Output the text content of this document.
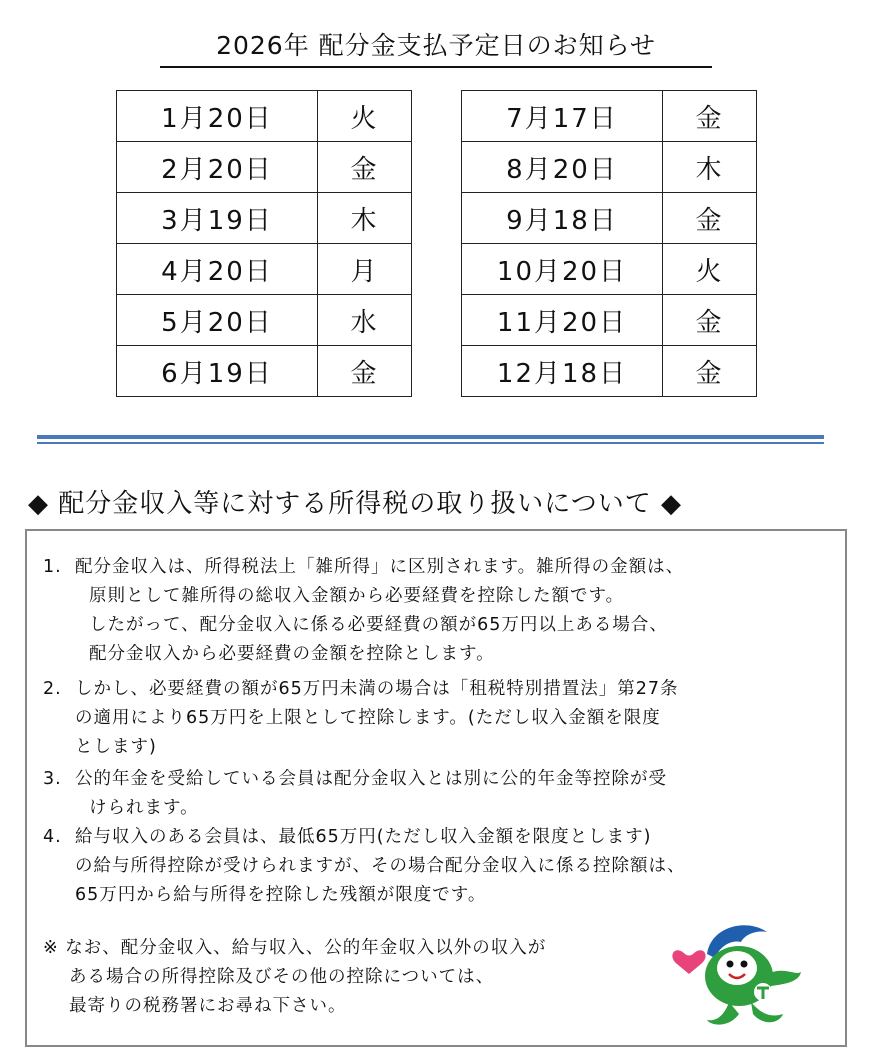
2026年 配分金支払予定日のお知らせ
1月20日	火
2月20日	金
3月19日	木
4月20日	月
5月20日	水
6月19日	金
7月17日	金
8月20日	木
9月18日	金
10月20日	火
11月20日	金
12月18日	金
◆ 配分金収入等に対する所得税の取り扱いについて ◆
1. 配分金収入は、所得税法上「雑所得」に区別されます。雑所得の金額は、
原則として雑所得の総収入金額から必要経費を控除した額です。
したがって、配分金収入に係る必要経費の額が65万円以上ある場合、
配分金収入から必要経費の金額を控除とします。
2. しかし、必要経費の額が65万円未満の場合は「租税特別措置法」第27条
の適用により65万円を上限として控除します。(ただし収入金額を限度
とします)
3. 公的年金を受給している会員は配分金収入とは別に公的年金等控除が受
けられます。
4. 給与収入のある会員は、最低65万円(ただし収入金額を限度とします)
の給与所得控除が受けられますが、その場合配分金収入に係る控除額は、
65万円から給与所得を控除した残額が限度です。
※ なお、配分金収入、給与収入、公的年金収入以外の収入が
ある場合の所得控除及びその他の控除については、
最寄りの税務署にお尋ね下さい。
